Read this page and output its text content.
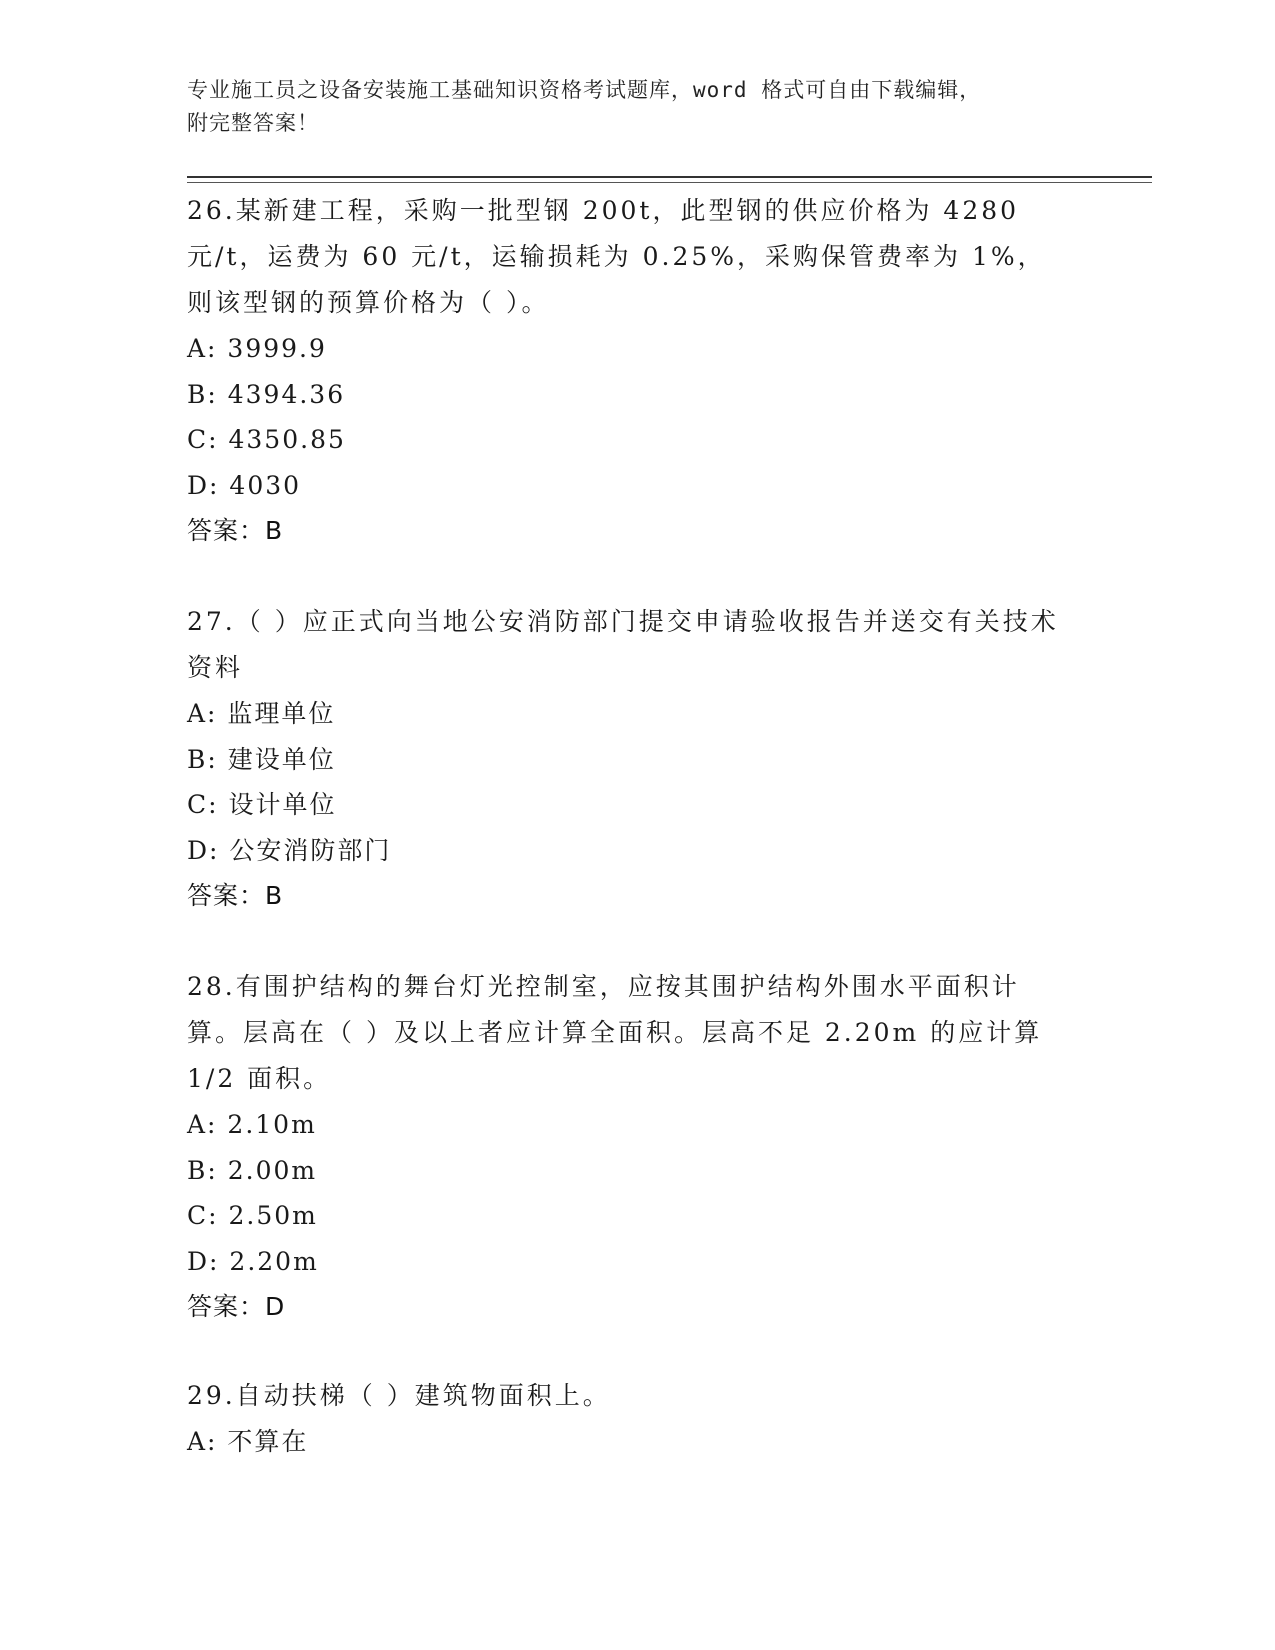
专业施工员之设备安装施工基础知识资格考试题库，word 格式可自由下载编辑，
附完整答案！

26.某新建工程，采购一批型钢 200t，此型钢的供应价格为 4280 元/t，运费为 60 元/t，运输损耗为 0.25%，采购保管费率为 1%，则该型钢的预算价格为（ ）。

A: 3999.9

B: 4394.36

C: 4350.85

D: 4030

答案：B

27.（ ）应正式向当地公安消防部门提交申请验收报告并送交有关技术资料

A: 监理单位

B: 建设单位

C: 设计单位

D: 公安消防部门

答案：B

28.有围护结构的舞台灯光控制室，应按其围护结构外围水平面积计算。层高在（ ）及以上者应计算全面积。层高不足 2.20m 的应计算 1/2 面积。

A: 2.10m

B: 2.00m

C: 2.50m

D: 2.20m

答案：D

29.自动扶梯（ ）建筑物面积上。

A: 不算在
